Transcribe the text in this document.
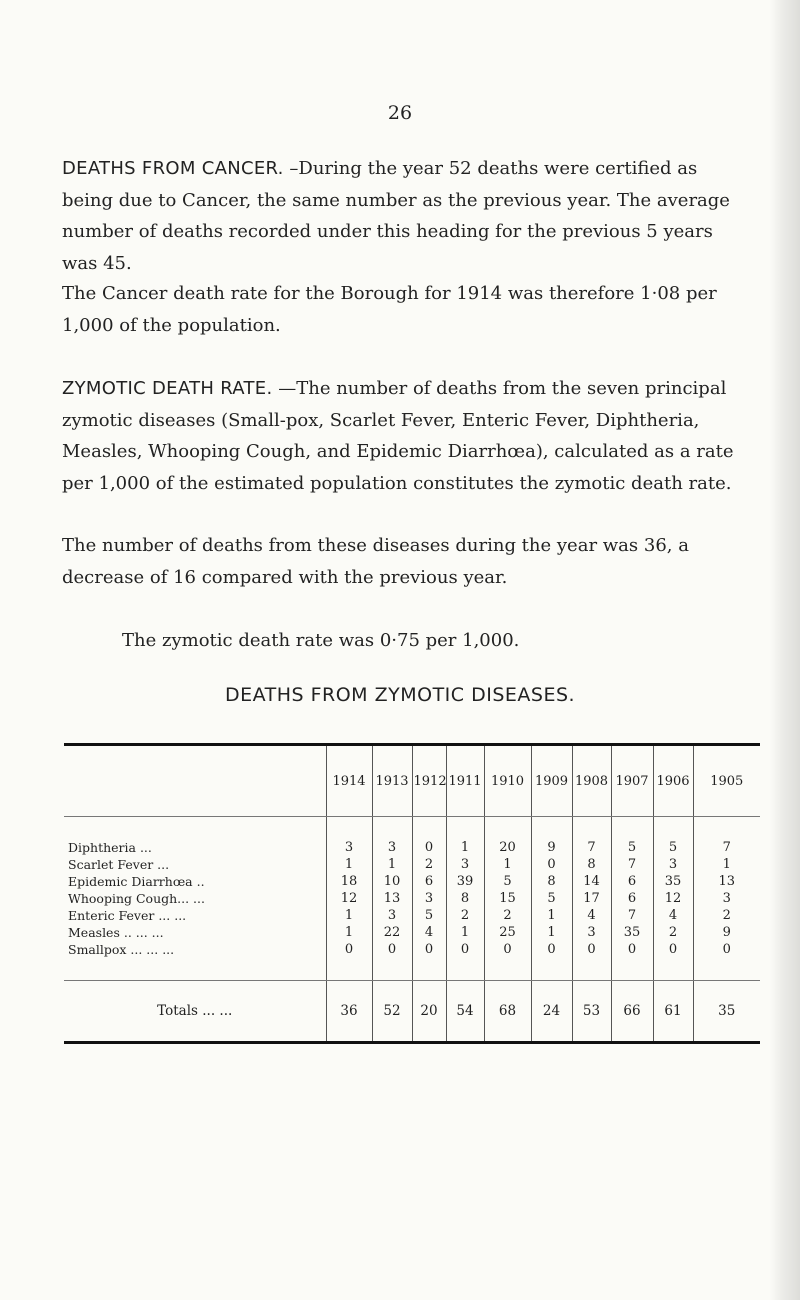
26

DEATHS FROM CANCER. –During the year 52 deaths were certified as being due to Cancer, the same number as the previous year. The average number of deaths recorded under this heading for the previous 5 years was 45.

The Cancer death rate for the Borough for 1914 was therefore 1·08 per 1,000 of the population.

ZYMOTIC DEATH RATE. —The number of deaths from the seven principal zymotic diseases (Small-pox, Scarlet Fever, Enteric Fever, Diphtheria, Measles, Whooping Cough, and Epidemic Diarrhœa), calculated as a rate per 1,000 of the estimated population constitutes the zymotic death rate.

The number of deaths from these diseases during the year was 36, a decrease of 16 compared with the previous year.

The zymotic death rate was 0·75 per 1,000.

DEATHS FROM ZYMOTIC DISEASES.
	1914	1913	1912	1911	1910	1909	1908	1907	1906	1905
Diphtheria ...	3	3	0	1	20	9	7	5	5	7
Scarlet Fever ...	1	1	2	3	1	0	8	7	3	1
Epidemic Diarrhœa ..	18	10	6	39	5	8	14	6	35	13
Whooping Cough... ...	12	13	3	8	15	5	17	6	12	3
Enteric Fever ... ...	1	3	5	2	2	1	4	7	4	2
Measles .. ... ...	1	22	4	1	25	1	3	35	2	9
Smallpox ... ... ...	0	0	0	0	0	0	0	0	0	0
Totals ... ...	36	52	20	54	68	24	53	66	61	35
